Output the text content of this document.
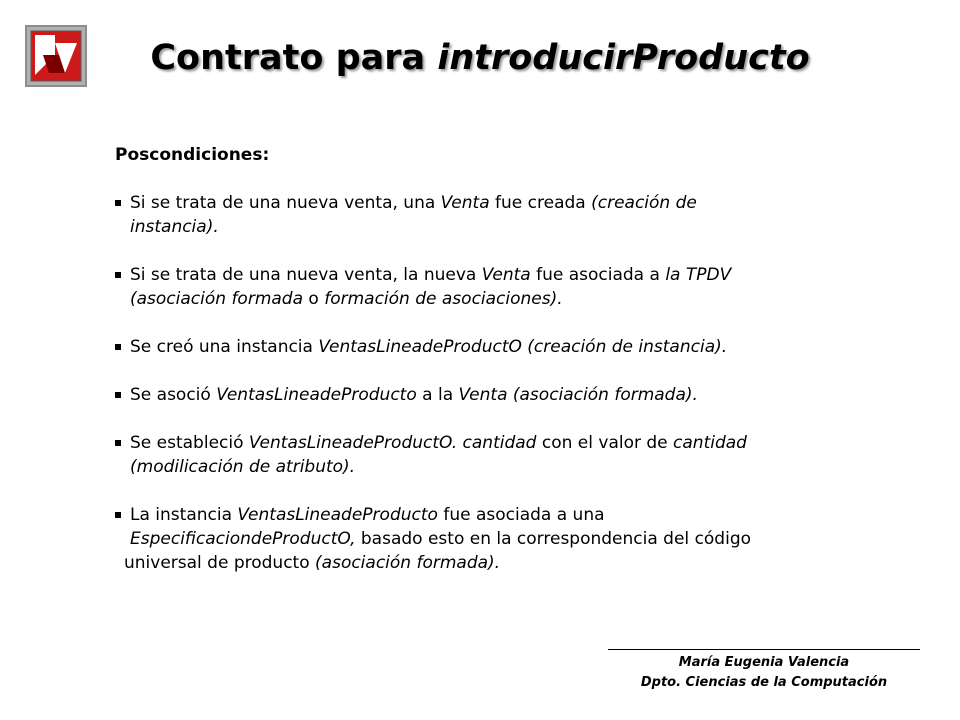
Contrato para introducirProducto
Poscondiciones:
Si se trata de una nueva venta, una Venta fue creada (creación de
instancia).
Si se trata de una nueva venta, la nueva Venta fue asociada a la TPDV
(asociación formada o formación de asociaciones).
Se creó una instancia VentasLineadeProductO (creación de instancia).
Se asoció VentasLineadeProducto a la Venta (asociación formada).
Se estableció VentasLineadeProductO. cantidad con el valor de cantidad
(modilicación de atributo).
La instancia VentasLineadeProducto fue asociada a una
EspecificaciondeProductO, basado esto en la correspondencia del código
universal de producto (asociación formada).
María Eugenia Valencia
Dpto. Ciencias de la Computación
